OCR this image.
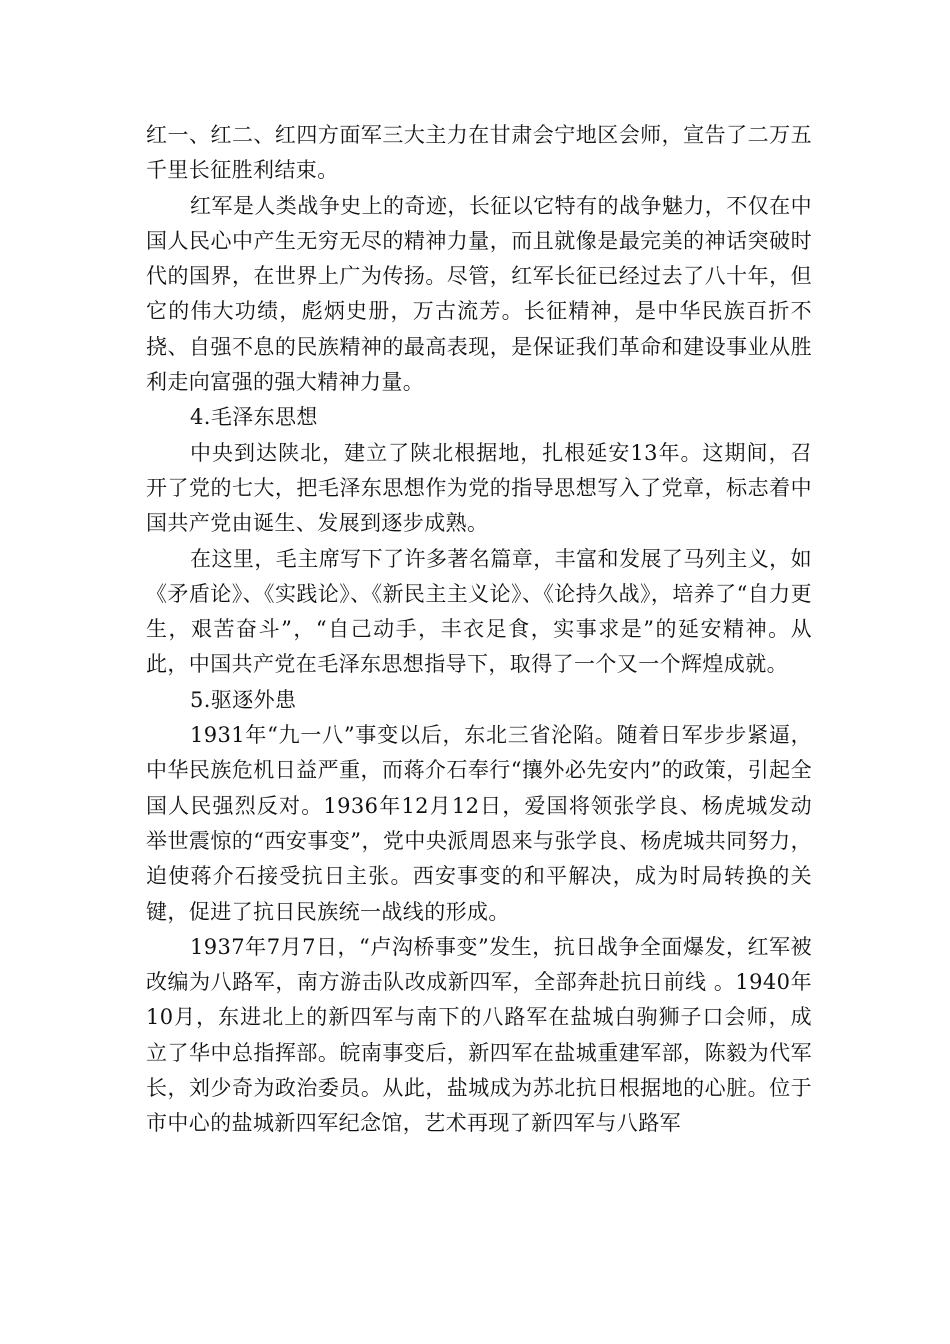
红一、红二、红四方面军三大主力在甘肃会宁地区会师，宣告了二万五千里长征胜利结束。

红军是人类战争史上的奇迹，长征以它特有的战争魅力，不仅在中国人民心中产生无穷无尽的精神力量，而且就像是最完美的神话突破时代的国界，在世界上广为传扬。尽管，红军长征已经过去了八十年，但它的伟大功绩，彪炳史册，万古流芳。长征精神，是中华民族百折不挠、自强不息的民族精神的最高表现，是保证我们革命和建设事业从胜利走向富强的强大精神力量。

4.毛泽东思想

中央到达陕北，建立了陕北根据地，扎根延安13年。这期间，召开了党的七大，把毛泽东思想作为党的指导思想写入了党章，标志着中国共产党由诞生、发展到逐步成熟。

在这里，毛主席写下了许多著名篇章，丰富和发展了马列主义，如《矛盾论》、《实践论》、《新民主主义论》、《论持久战》，培养了“自力更生，艰苦奋斗”，“自己动手，丰衣足食，实事求是”的延安精神。从此，中国共产党在毛泽东思想指导下，取得了一个又一个辉煌成就。

5.驱逐外患

1931年“九一八”事变以后，东北三省沦陷。随着日军步步紧逼，中华民族危机日益严重，而蒋介石奉行“攘外必先安内”的政策，引起全国人民强烈反对。1936年12月12日，爱国将领张学良、杨虎城发动举世震惊的“西安事变”，党中央派周恩来与张学良、杨虎城共同努力，迫使蒋介石接受抗日主张。西安事变的和平解决，成为时局转换的关键，促进了抗日民族统一战线的形成。

1937年7月7日，“卢沟桥事变”发生，抗日战争全面爆发，红军被改编为八路军，南方游击队改成新四军，全部奔赴抗日前线 。1940年10月，东进北上的新四军与南下的八路军在盐城白驹狮子口会师，成立了华中总指挥部。皖南事变后，新四军在盐城重建军部，陈毅为代军长，刘少奇为政治委员。从此，盐城成为苏北抗日根据地的心脏。位于市中心的盐城新四军纪念馆，艺术再现了新四军与八路军
